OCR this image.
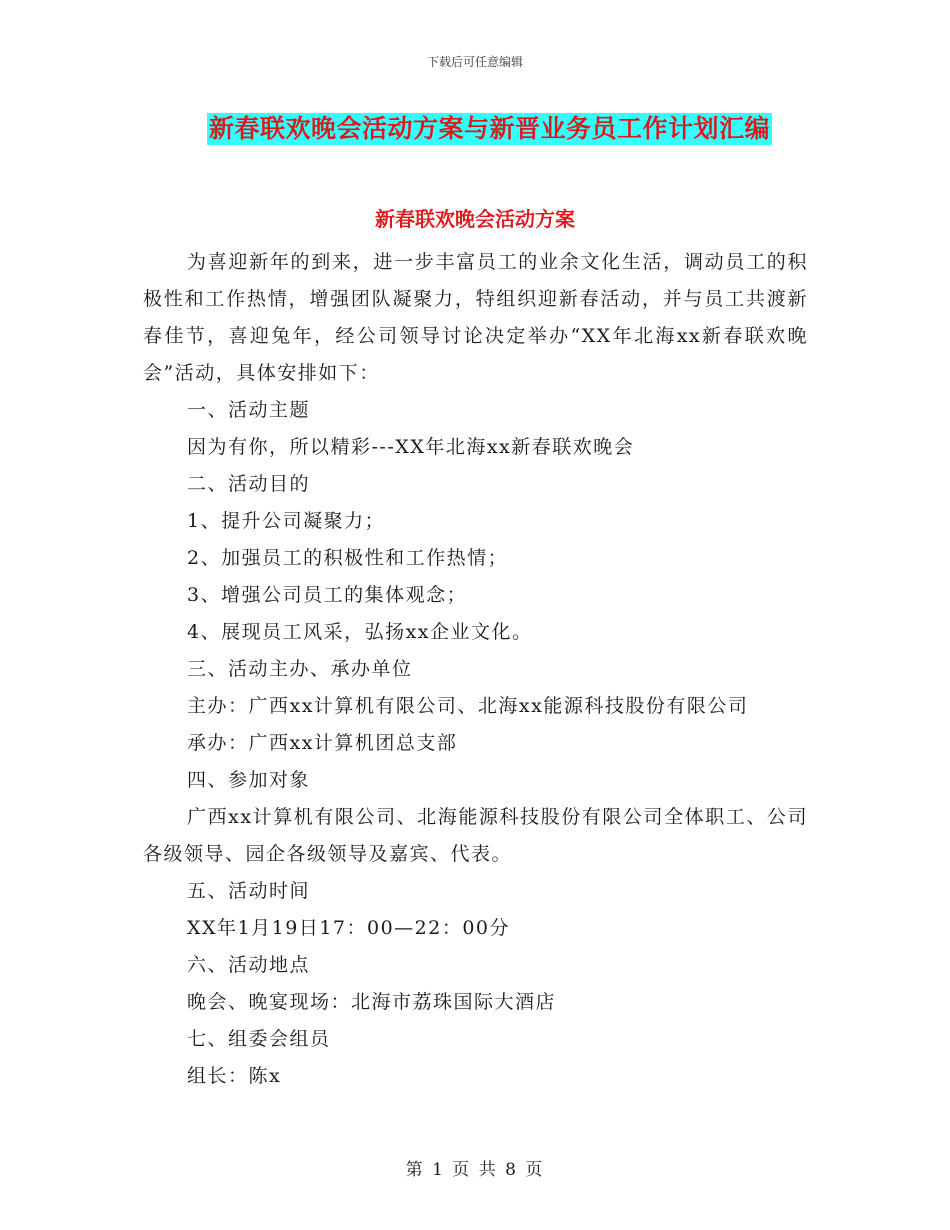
下载后可任意编辑
新春联欢晚会活动方案与新晋业务员工作计划汇编
新春联欢晚会活动方案

为喜迎新年的到来，进一步丰富员工的业余文化生活，调动员工的积极性和工作热情，增强团队凝聚力，特组织迎新春活动，并与员工共渡新春佳节，喜迎兔年，经公司领导讨论决定举办“XX年北海xx新春联欢晚会”活动，具体安排如下：

一、活动主题

因为有你，所以精彩---XX年北海xx新春联欢晚会

二、活动目的

1、提升公司凝聚力；

2、加强员工的积极性和工作热情；

3、增强公司员工的集体观念；

4、展现员工风采，弘扬xx企业文化。

三、活动主办、承办单位

主办：广西xx计算机有限公司、北海xx能源科技股份有限公司

承办：广西xx计算机团总支部

四、参加对象

广西xx计算机有限公司、北海能源科技股份有限公司全体职工、公司各级领导、园企各级领导及嘉宾、代表。

五、活动时间

XX年1月19日17：00—22：00分

六、活动地点

晚会、晚宴现场：北海市荔珠国际大酒店

七、组委会组员

组长：陈x

第 1 页 共 8 页
